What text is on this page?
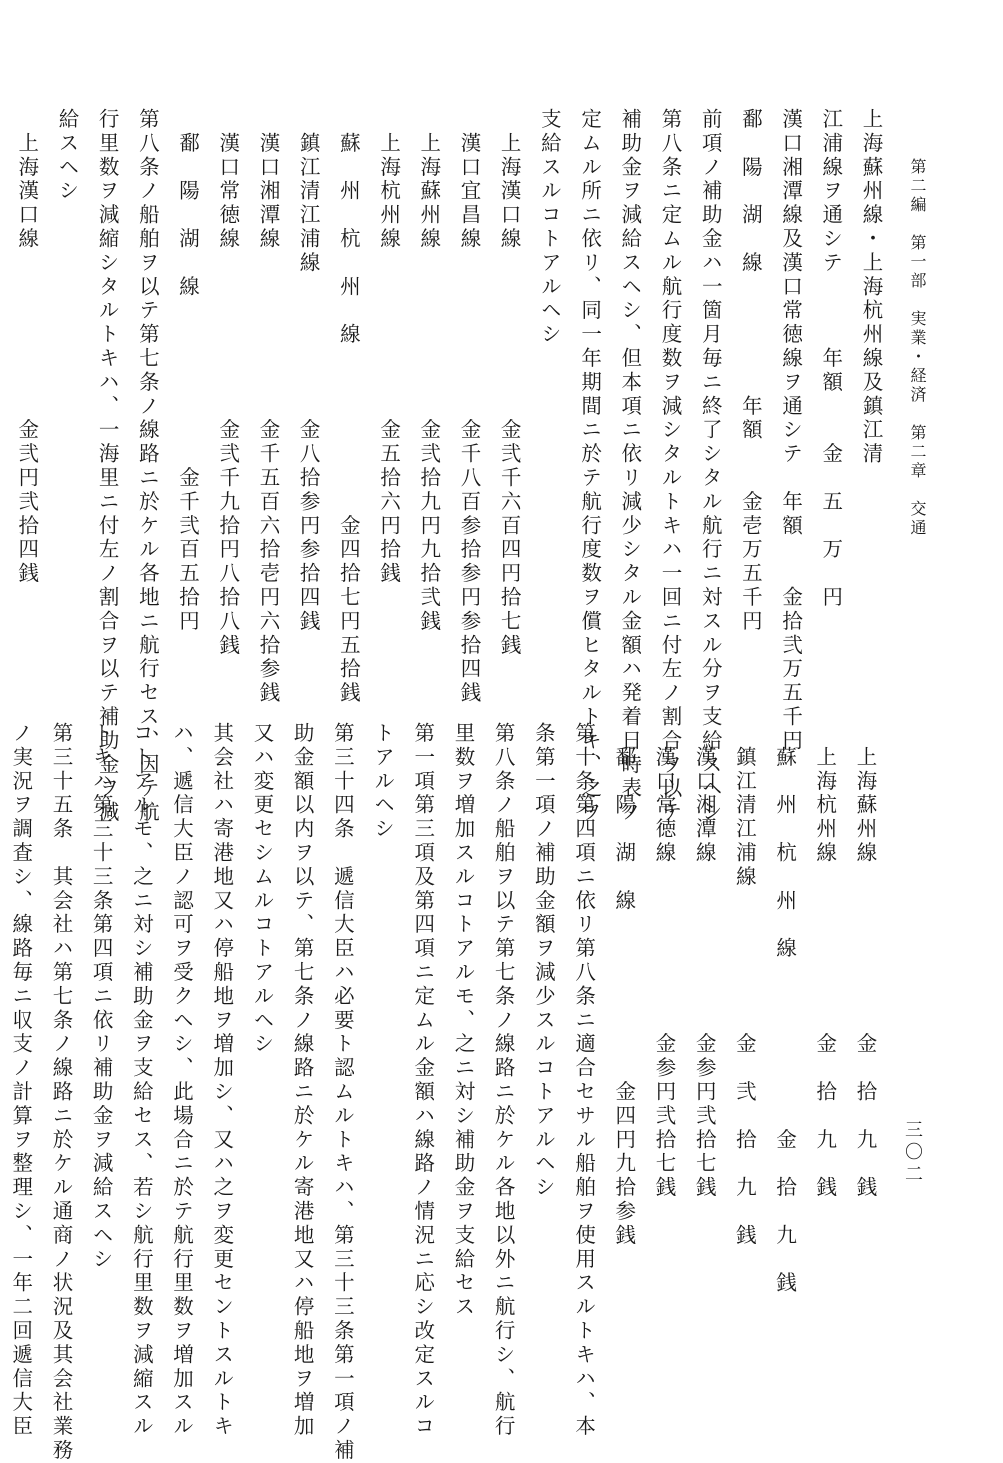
第二編　第一部　実業・経済　第二章　交通
三〇二
上海蘇州線・上海杭州線及鎮江清
江浦線ヲ通シテ　　　年額　　金　五　万　円
漢口湘潭線及漢口常徳線ヲ通シテ　年額　　金拾弐万五千円
鄱　陽　湖　線　　　　　年額　　金壱万五千円
前項ノ補助金ハ一箇月毎ニ終了シタル航行ニ対スル分ヲ支給スヘシ
第八条ニ定ムル航行度数ヲ減シタルトキハ一回ニ付左ノ割合ヲ以テ
補助金ヲ減給スヘシ、但本項ニ依リ減少シタル金額ハ発着日時表ノ
定ムル所ニ依リ、同一年期間ニ於テ航行度数ヲ償ヒタルトキ、之ヲ
支給スルコトアルヘシ
　上海漢口線　　　　　　　金弐千六百四円拾七銭
　漢口宜昌線　　　　　　　金千八百参拾参円参拾四銭
　上海蘇州線　　　　　　　金弐拾九円九拾弐銭
　上海杭州線　　　　　　　金五拾六円拾銭
　蘇　州　杭　州　線　　　　　　　金四拾七円五拾銭
　鎮江清江浦線　　　　　　金八拾参円参拾四銭
　漢口湘潭線　　　　　　　金千五百六拾壱円六拾参銭
　漢口常徳線　　　　　　　金弐千九拾円八拾八銭
　鄱　陽　湖　線　　　　　　　金千弐百五拾円
第八条ノ船舶ヲ以テ第七条ノ線路ニ於ケル各地ニ航行セス、因テ航
行里数ヲ減縮シタルトキハ、一海里ニ付左ノ割合ヲ以テ補助金ヲ減
給スヘシ
　上海漢口線　　　　　　　金弐円弐拾四銭
　上海蘇州線　　　　　　　金　拾　九　銭
　上海杭州線　　　　　　　金　拾　九　銭
　蘇　州　杭　州　線　　　　　　　金　拾　九　銭
　鎮江清江浦線　　　　　　金　弐　拾　九　銭
　漢口湘潭線　　　　　　　金参円弐拾七銭
　漢口常徳線　　　　　　　金参円弐拾七銭
　鄱　陽　湖　線　　　　　　　金四円九拾参銭
第十条第四項ニ依リ第八条ニ適合セサル船舶ヲ使用スルトキハ、本
条第一項ノ補助金額ヲ減少スルコトアルヘシ
第八条ノ船舶ヲ以テ第七条ノ線路ニ於ケル各地以外ニ航行シ、航行
里数ヲ増加スルコトアルモ、之ニ対シ補助金ヲ支給セス
第一項第三項及第四項ニ定ムル金額ハ線路ノ情況ニ応シ改定スルコ
トアルヘシ
第三十四条　遞信大臣ハ必要ト認ムルトキハ、第三十三条第一項ノ補
助金額以内ヲ以テ、第七条ノ線路ニ於ケル寄港地又ハ停船地ヲ増加
又ハ変更セシムルコトアルヘシ
其会社ハ寄港地又ハ停船地ヲ増加シ、又ハ之ヲ変更セントスルトキ
ハ、遞信大臣ノ認可ヲ受クヘシ、此場合ニ於テ航行里数ヲ増加スル
コトアルモ、之ニ対シ補助金ヲ支給セス、若シ航行里数ヲ減縮スル
トキハ第三十三条第四項ニ依リ補助金ヲ減給スヘシ
第三十五条　其会社ハ第七条ノ線路ニ於ケル通商ノ状況及其会社業務
ノ実況ヲ調査シ、線路毎ニ収支ノ計算ヲ整理シ、一年二回遞信大臣
